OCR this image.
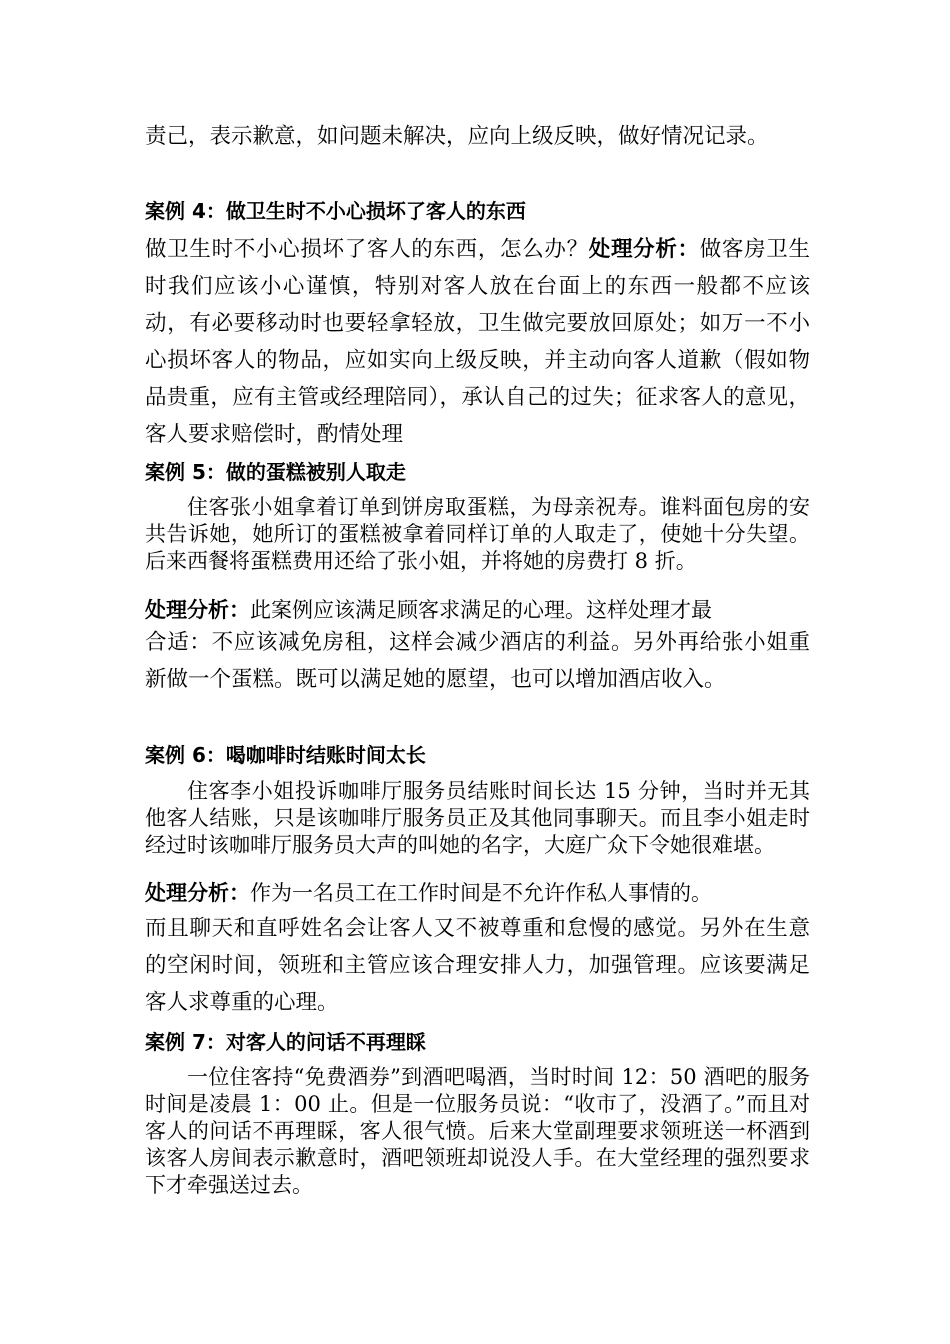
责己，表示歉意，如问题未解决，应向上级反映，做好情况记录。

案例 4：做卫生时不小心损坏了客人的东西

做卫生时不小心损坏了客人的东西，怎么办？处理分析：做客房卫生时我们应该小心谨慎，特别对客人放在台面上的东西一般都不应该动，有必要移动时也要轻拿轻放，卫生做完要放回原处；如万一不小心损坏客人的物品，应如实向上级反映，并主动向客人道歉（假如物品贵重，应有主管或经理陪同），承认自己的过失；征求客人的意见，客人要求赔偿时，酌情处理

案例 5：做的蛋糕被别人取走

住客张小姐拿着订单到饼房取蛋糕，为母亲祝寿。谁料面包房的安共告诉她，她所订的蛋糕被拿着同样订单的人取走了，使她十分失望。后来西餐将蛋糕费用还给了张小姐，并将她的房费打 8 折。

处理分析：此案例应该满足顾客求满足的心理。这样处理才最

合适：不应该减免房租，这样会减少酒店的利益。另外再给张小姐重新做一个蛋糕。既可以满足她的愿望，也可以增加酒店收入。

案例 6：喝咖啡时结账时间太长

住客李小姐投诉咖啡厅服务员结账时间长达 15 分钟，当时并无其他客人结账，只是该咖啡厅服务员正及其他同事聊天。而且李小姐走时经过时该咖啡厅服务员大声的叫她的名字，大庭广众下令她很难堪。

处理分析：作为一名员工在工作时间是不允许作私人事情的。

而且聊天和直呼姓名会让客人又不被尊重和怠慢的感觉。另外在生意的空闲时间，领班和主管应该合理安排人力，加强管理。应该要满足客人求尊重的心理。

案例 7：对客人的问话不再理睬

一位住客持“免费酒券”到酒吧喝酒，当时时间 12：50 酒吧的服务时间是凌晨 1：00 止。但是一位服务员说：“收市了，没酒了。”而且对客人的问话不再理睬，客人很气愤。后来大堂副理要求领班送一杯酒到该客人房间表示歉意时，酒吧领班却说没人手。在大堂经理的强烈要求下才牵强送过去。
